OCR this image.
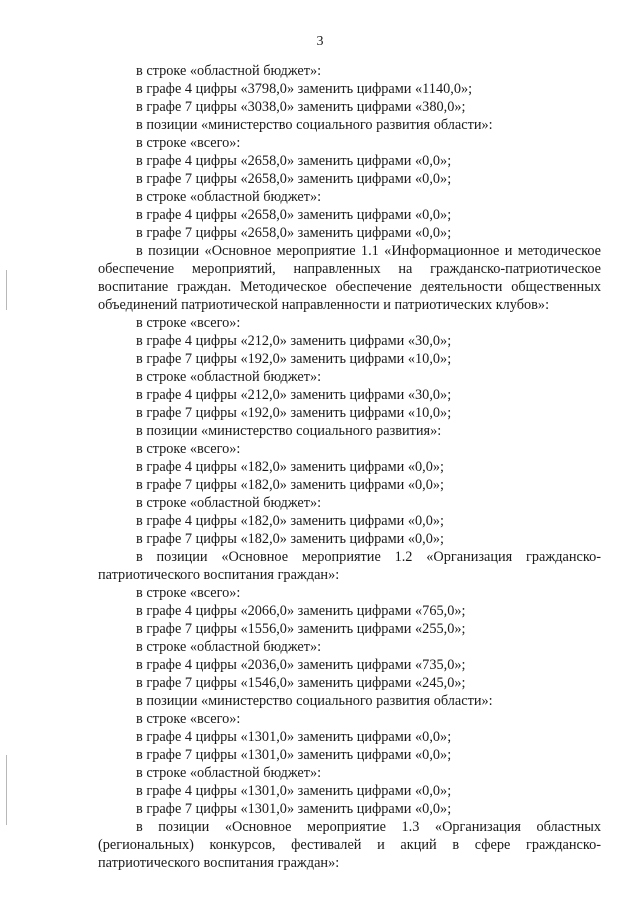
3

в строке «областной бюджет»:

в графе 4 цифры «3798,0» заменить цифрами «1140,0»;

в графе 7 цифры «3038,0» заменить цифрами «380,0»;

в позиции «министерство социального развития области»:

в строке «всего»:

в графе 4 цифры «2658,0» заменить цифрами «0,0»;

в графе 7 цифры «2658,0» заменить цифрами «0,0»;

в строке «областной бюджет»:

в графе 4 цифры «2658,0» заменить цифрами «0,0»;

в графе 7 цифры «2658,0» заменить цифрами «0,0»;

в позиции «Основное мероприятие 1.1 «Информационное и методическое обеспечение мероприятий, направленных на гражданско-патриотическое воспитание граждан. Методическое обеспечение деятельности общественных объединений патриотической направленности и патриотических клубов»:

в строке «всего»:

в графе 4 цифры «212,0» заменить цифрами «30,0»;

в графе 7 цифры «192,0» заменить цифрами «10,0»;

в строке «областной бюджет»:

в графе 4 цифры «212,0» заменить цифрами «30,0»;

в графе 7 цифры «192,0» заменить цифрами «10,0»;

в позиции «министерство социального развития»:

в строке «всего»:

в графе 4 цифры «182,0» заменить цифрами «0,0»;

в графе 7 цифры «182,0» заменить цифрами «0,0»;

в строке «областной бюджет»:

в графе 4 цифры «182,0» заменить цифрами «0,0»;

в графе 7 цифры «182,0» заменить цифрами «0,0»;

в позиции «Основное мероприятие 1.2 «Организация гражданско-патриотического воспитания граждан»:

в строке «всего»:

в графе 4 цифры «2066,0» заменить цифрами «765,0»;

в графе 7 цифры «1556,0» заменить цифрами «255,0»;

в строке «областной бюджет»:

в графе 4 цифры «2036,0» заменить цифрами «735,0»;

в графе 7 цифры «1546,0» заменить цифрами «245,0»;

в позиции «министерство социального развития области»:

в строке «всего»:

в графе 4 цифры «1301,0» заменить цифрами «0,0»;

в графе 7 цифры «1301,0» заменить цифрами «0,0»;

в строке «областной бюджет»:

в графе 4 цифры «1301,0» заменить цифрами «0,0»;

в графе 7 цифры «1301,0» заменить цифрами «0,0»;

в позиции «Основное мероприятие 1.3 «Организация областных (региональных) конкурсов, фестивалей и акций в сфере гражданско-патриотического воспитания граждан»:
